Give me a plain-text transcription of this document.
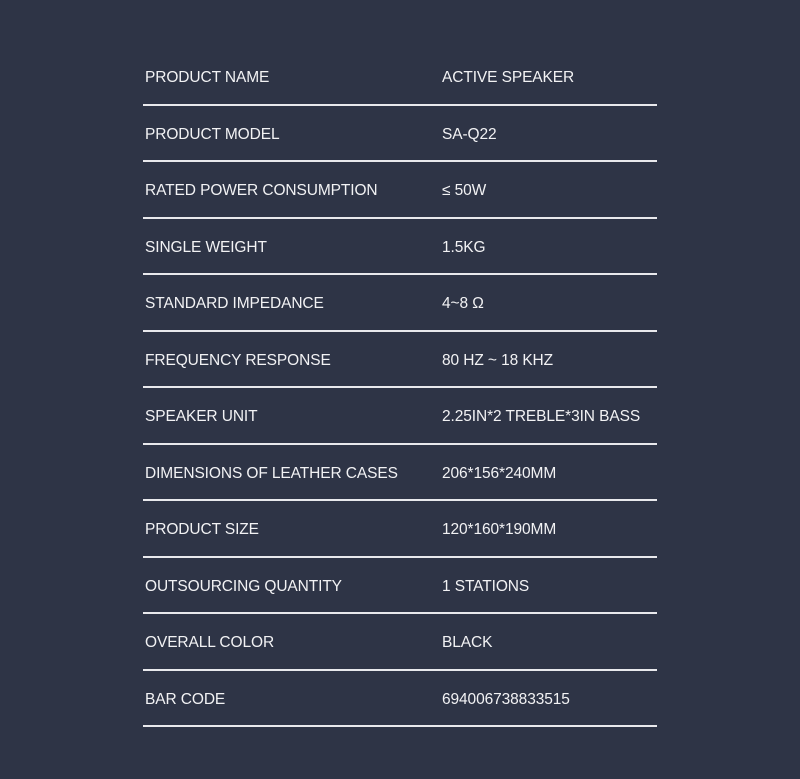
PRODUCT NAME	ACTIVE SPEAKER
PRODUCT MODEL	SA-Q22
RATED POWER CONSUMPTION	≤ 50W
SINGLE WEIGHT	1.5KG
STANDARD IMPEDANCE	4~8 Ω
FREQUENCY RESPONSE	80 HZ ~ 18 KHZ
SPEAKER UNIT	2.25IN*2 TREBLE*3IN BASS
DIMENSIONS OF LEATHER CASES	206*156*240MM
PRODUCT SIZE	120*160*190MM
OUTSOURCING QUANTITY	1 STATIONS
OVERALL COLOR	BLACK
BAR CODE	694006738833515
